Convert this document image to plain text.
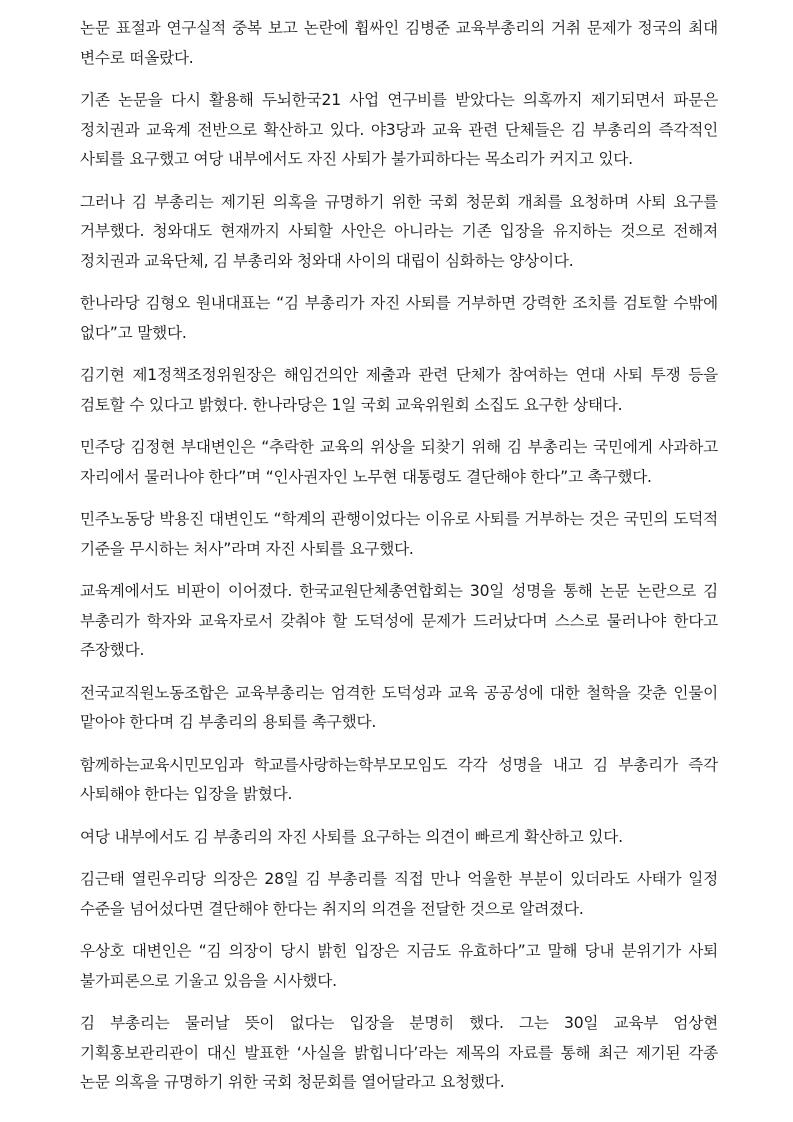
논문 표절과 연구실적 중복 보고 논란에 휩싸인 김병준 교육부총리의 거취 문제가 정국의 최대 변수로 떠올랐다.

기존 논문을 다시 활용해 두뇌한국21 사업 연구비를 받았다는 의혹까지 제기되면서 파문은 정치권과 교육계 전반으로 확산하고 있다. 야3당과 교육 관련 단체들은 김 부총리의 즉각적인 사퇴를 요구했고 여당 내부에서도 자진 사퇴가 불가피하다는 목소리가 커지고 있다.

그러나 김 부총리는 제기된 의혹을 규명하기 위한 국회 청문회 개최를 요청하며 사퇴 요구를 거부했다. 청와대도 현재까지 사퇴할 사안은 아니라는 기존 입장을 유지하는 것으로 전해져 정치권과 교육단체, 김 부총리와 청와대 사이의 대립이 심화하는 양상이다.

한나라당 김형오 원내대표는 “김 부총리가 자진 사퇴를 거부하면 강력한 조치를 검토할 수밖에 없다”고 말했다.

김기현 제1정책조정위원장은 해임건의안 제출과 관련 단체가 참여하는 연대 사퇴 투쟁 등을 검토할 수 있다고 밝혔다. 한나라당은 1일 국회 교육위원회 소집도 요구한 상태다.

민주당 김정현 부대변인은 “추락한 교육의 위상을 되찾기 위해 김 부총리는 국민에게 사과하고 자리에서 물러나야 한다”며 “인사권자인 노무현 대통령도 결단해야 한다”고 촉구했다.

민주노동당 박용진 대변인도 “학계의 관행이었다는 이유로 사퇴를 거부하는 것은 국민의 도덕적 기준을 무시하는 처사”라며 자진 사퇴를 요구했다.

교육계에서도 비판이 이어졌다. 한국교원단체총연합회는 30일 성명을 통해 논문 논란으로 김 부총리가 학자와 교육자로서 갖춰야 할 도덕성에 문제가 드러났다며 스스로 물러나야 한다고 주장했다.

전국교직원노동조합은 교육부총리는 엄격한 도덕성과 교육 공공성에 대한 철학을 갖춘 인물이 맡아야 한다며 김 부총리의 용퇴를 촉구했다.

함께하는교육시민모임과 학교를사랑하는학부모모임도 각각 성명을 내고 김 부총리가 즉각 사퇴해야 한다는 입장을 밝혔다.

여당 내부에서도 김 부총리의 자진 사퇴를 요구하는 의견이 빠르게 확산하고 있다.

김근태 열린우리당 의장은 28일 김 부총리를 직접 만나 억울한 부분이 있더라도 사태가 일정 수준을 넘어섰다면 결단해야 한다는 취지의 의견을 전달한 것으로 알려졌다.

우상호 대변인은 “김 의장이 당시 밝힌 입장은 지금도 유효하다”고 말해 당내 분위기가 사퇴 불가피론으로 기울고 있음을 시사했다.

김 부총리는 물러날 뜻이 없다는 입장을 분명히 했다. 그는 30일 교육부 엄상현 기획홍보관리관이 대신 발표한 ‘사실을 밝힙니다’라는 제목의 자료를 통해 최근 제기된 각종 논문 의혹을 규명하기 위한 국회 청문회를 열어달라고 요청했다.
